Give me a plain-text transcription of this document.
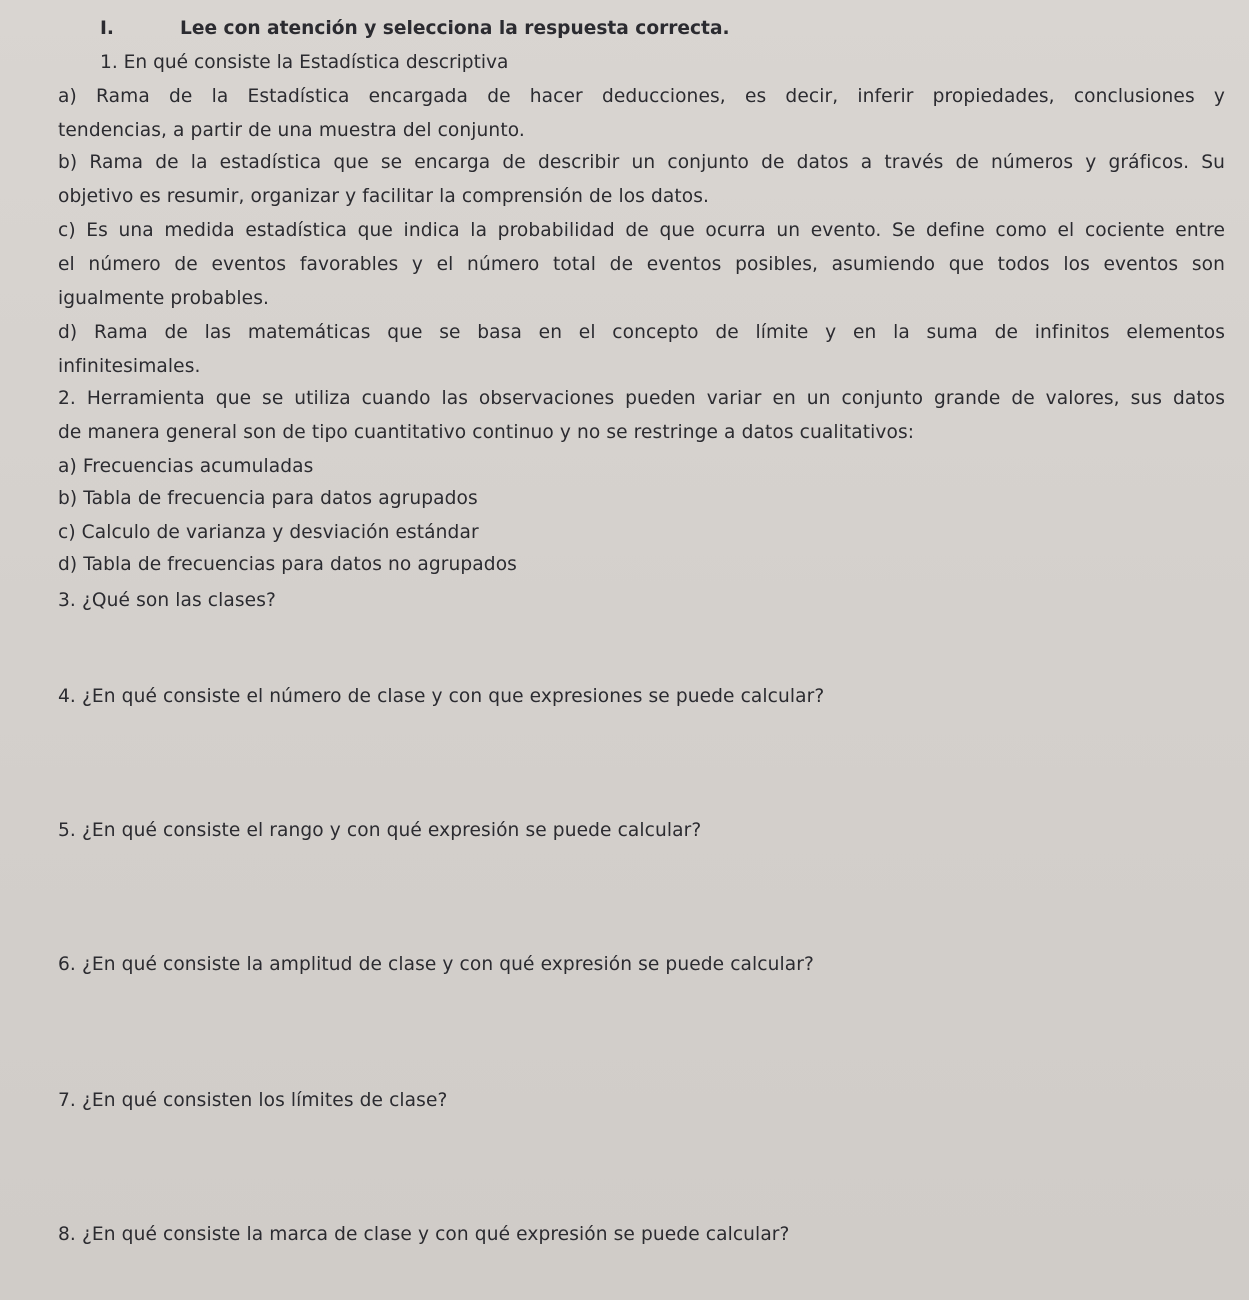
I.	Lee con atención y selecciona la respuesta correcta.
1. En qué consiste la Estadística descriptiva
a) Rama de la Estadística encargada de hacer deducciones, es decir, inferir propiedades, conclusiones y
tendencias, a partir de una muestra del conjunto.
b) Rama de la estadística que se encarga de describir un conjunto de datos a través de números y gráficos. Su
objetivo es resumir, organizar y facilitar la comprensión de los datos.
c) Es una medida estadística que indica la probabilidad de que ocurra un evento. Se define como el cociente entre
el número de eventos favorables y el número total de eventos posibles, asumiendo que todos los eventos son
igualmente probables.
d) Rama de las matemáticas que se basa en el concepto de límite y en la suma de infinitos elementos
infinitesimales.
2. Herramienta que se utiliza cuando las observaciones pueden variar en un conjunto grande de valores, sus datos
de manera general son de tipo cuantitativo continuo y no se restringe a datos cualitativos:
a) Frecuencias acumuladas
b) Tabla de frecuencia para datos agrupados
c) Calculo de varianza y desviación estándar
d) Tabla de frecuencias para datos no agrupados
3. ¿Qué son las clases?
4. ¿En qué consiste el número de clase y con que expresiones se puede calcular?
5. ¿En qué consiste el rango y con qué expresión se puede calcular?
6. ¿En qué consiste la amplitud de clase y con qué expresión se puede calcular?
7. ¿En qué consisten los límites de clase?
8. ¿En qué consiste la marca de clase y con qué expresión se puede calcular?
